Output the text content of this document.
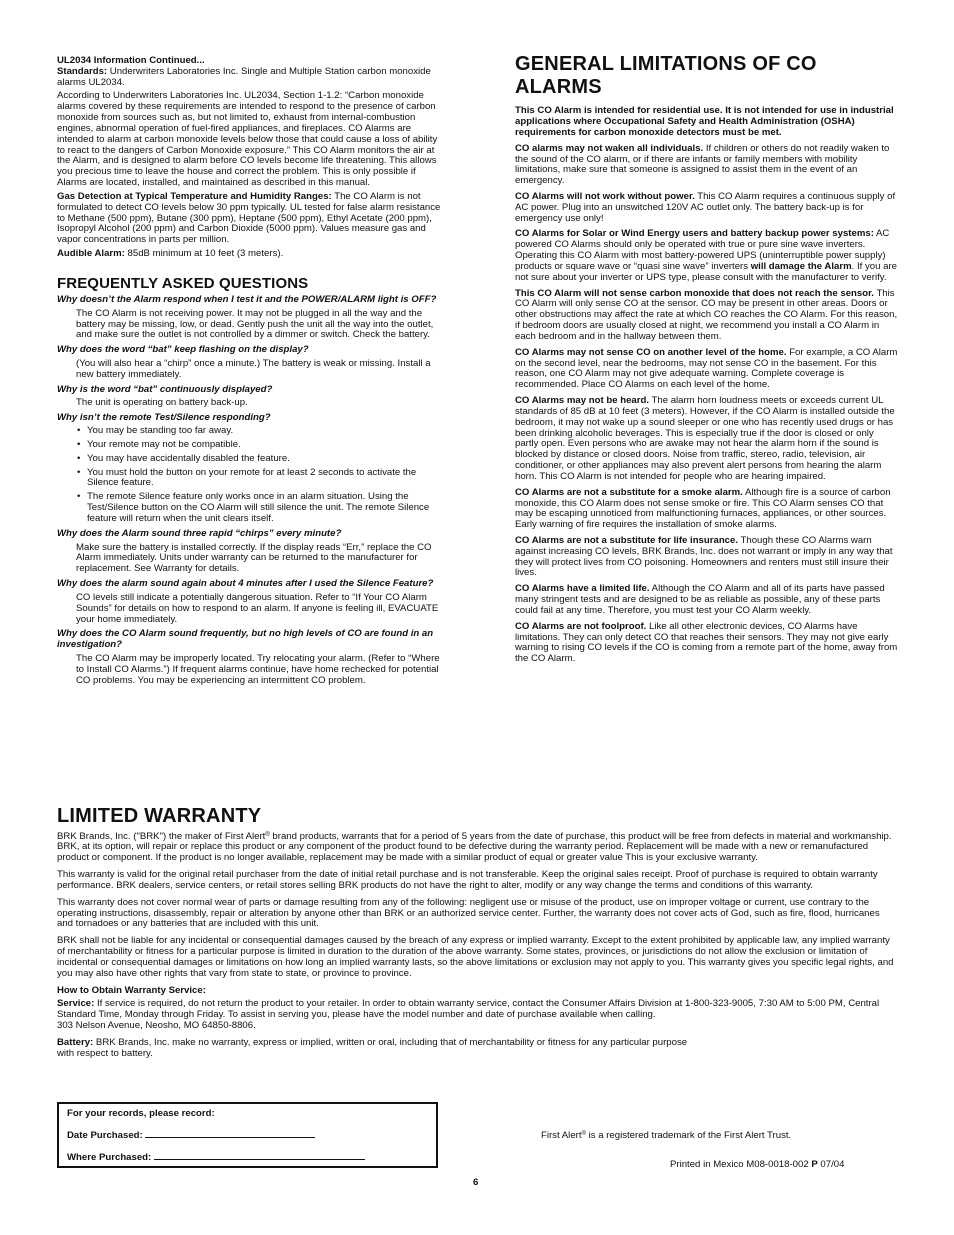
UL2034 Information Continued...

Standards: Underwriters Laboratories Inc. Single and Multiple Station carbon monoxide alarms UL2034.

According to Underwriters Laboratories Inc. UL2034, Section 1-1.2: “Carbon monoxide alarms covered by these requirements are intended to respond to the presence of carbon monoxide from sources such as, but not limited to, exhaust from internal-combustion engines, abnormal operation of fuel-fired appliances, and fireplaces. CO Alarms are intended to alarm at carbon monoxide levels below those that could cause a loss of ability to react to the dangers of Carbon Monoxide exposure.” This CO Alarm monitors the air at the Alarm, and is designed to alarm before CO levels become life threatening. This allows you precious time to leave the house and correct the problem. This is only possible if Alarms are located, installed, and maintained as described in this manual.

Gas Detection at Typical Temperature and Humidity Ranges: The CO Alarm is not formulated to detect CO levels below 30 ppm typically. UL tested for false alarm resistance to Methane (500 ppm), Butane (300 ppm), Heptane (500 ppm), Ethyl Acetate (200 ppm), Isopropyl Alcohol (200 ppm) and Carbon Dioxide (5000 ppm). Values measure gas and vapor concentrations in parts per million.

Audible Alarm: 85dB minimum at 10 feet (3 meters).

FREQUENTLY ASKED QUESTIONS

Why doesn’t the Alarm respond when I test it and the POWER/ALARM light is OFF?

The CO Alarm is not receiving power. It may not be plugged in all the way and the battery may be missing, low, or dead. Gently push the unit all the way into the outlet, and make sure the outlet is not controlled by a dimmer or switch. Check the battery.

Why does the word “bat” keep flashing on the display?

(You will also hear a “chirp” once a minute.) The battery is weak or missing. Install a new battery immediately.

Why is the word “bat” continuously displayed?

The unit is operating on battery back-up.

Why isn’t the remote Test/Silence responding?

• You may be standing too far away.
• Your remote may not be compatible.
• You may have accidentally disabled the feature.
• You must hold the button on your remote for at least 2 seconds to activate the Silence feature.
• The remote Silence feature only works once in an alarm situation. Using the Test/Silence button on the CO Alarm will still silence the unit. The remote Silence feature will return when the unit clears itself.

Why does the Alarm sound three rapid “chirps” every minute?

Make sure the battery is installed correctly. If the display reads “Err,” replace the CO Alarm immediately. Units under warranty can be returned to the manufacturer for replacement. See Warranty for details.

Why does the alarm sound again about 4 minutes after I used the Silence Feature?

CO levels still indicate a potentially dangerous situation. Refer to “If Your CO Alarm Sounds” for details on how to respond to an alarm. If anyone is feeling ill, EVACUATE your home immediately.

Why does the CO Alarm sound frequently, but no high levels of CO are found in an investigation?

The CO Alarm may be improperly located. Try relocating your alarm. (Refer to “Where to Install CO Alarms.”) If frequent alarms continue, have home rechecked for potential CO problems. You may be experiencing an intermittent CO problem.

GENERAL LIMITATIONS OF CO ALARMS

This CO Alarm is intended for residential use. It is not intended for use in industrial applications where Occupational Safety and Health Administration (OSHA) requirements for carbon monoxide detectors must be met.

CO alarms may not waken all individuals. If children or others do not readily waken to the sound of the CO alarm, or if there are infants or family members with mobility limitations, make sure that someone is assigned to assist them in the event of an emergency.

CO Alarms will not work without power. This CO Alarm requires a continuous supply of AC power. Plug into an unswitched 120V AC outlet only. The battery back-up is for emergency use only!

CO Alarms for Solar or Wind Energy users and battery backup power systems: AC powered CO Alarms should only be operated with true or pure sine wave inverters. Operating this CO Alarm with most battery-powered UPS (uninterruptible power supply) products or square wave or “quasi sine wave” inverters will damage the Alarm. If you are not sure about your inverter or UPS type, please consult with the manufacturer to verify.

This CO Alarm will not sense carbon monoxide that does not reach the sensor. This CO Alarm will only sense CO at the sensor. CO may be present in other areas. Doors or other obstructions may affect the rate at which CO reaches the CO Alarm. For this reason, if bedroom doors are usually closed at night, we recommend you install a CO Alarm in each bedroom and in the hallway between them.

CO Alarms may not sense CO on another level of the home. For example, a CO Alarm on the second level, near the bedrooms, may not sense CO in the basement. For this reason, one CO Alarm may not give adequate warning. Complete coverage is recommended. Place CO Alarms on each level of the home.

CO Alarms may not be heard. The alarm horn loudness meets or exceeds current UL standards of 85 dB at 10 feet (3 meters). However, if the CO Alarm is installed outside the bedroom, it may not wake up a sound sleeper or one who has recently used drugs or has been drinking alcoholic beverages. This is especially true if the door is closed or only partly open. Even persons who are awake may not hear the alarm horn if the sound is blocked by distance or closed doors. Noise from traffic, stereo, radio, television, air conditioner, or other appliances may also prevent alert persons from hearing the alarm horn. This CO Alarm is not intended for people who are hearing impaired.

CO Alarms are not a substitute for a smoke alarm. Although fire is a source of carbon monoxide, this CO Alarm does not sense smoke or fire. This CO Alarm senses CO that may be escaping unnoticed from malfunctioning furnaces, appliances, or other sources. Early warning of fire requires the installation of smoke alarms.

CO Alarms are not a substitute for life insurance. Though these CO Alarms warn against increasing CO levels, BRK Brands, Inc. does not warrant or imply in any way that they will protect lives from CO poisoning. Homeowners and renters must still insure their lives.

CO Alarms have a limited life. Although the CO Alarm and all of its parts have passed many stringent tests and are designed to be as reliable as possible, any of these parts could fail at any time. Therefore, you must test your CO Alarm weekly.

CO Alarms are not foolproof. Like all other electronic devices, CO Alarms have limitations. They can only detect CO that reaches their sensors. They may not give early warning to rising CO levels if the CO is coming from a remote part of the home, away from the CO Alarm.

LIMITED WARRANTY

BRK Brands, Inc. ("BRK") the maker of First Alert® brand products, warrants that for a period of 5 years from the date of purchase, this product will be free from defects in material and workmanship. BRK, at its option, will repair or replace this product or any component of the product found to be defective during the warranty period. Replacement will be made with a new or remanufactured product or component. If the product is no longer available, replacement may be made with a similar product of equal or greater value This is your exclusive warranty.

This warranty is valid for the original retail purchaser from the date of initial retail purchase and is not transferable. Keep the original sales receipt. Proof of purchase is required to obtain warranty performance. BRK dealers, service centers, or retail stores selling BRK products do not have the right to alter, modify or any way change the terms and conditions of this warranty.

This warranty does not cover normal wear of parts or damage resulting from any of the following: negligent use or misuse of the product, use on improper voltage or current, use contrary to the operating instructions, disassembly, repair or alteration by anyone other than BRK or an authorized service center. Further, the warranty does not cover acts of God, such as fire, flood, hurricanes and tornadoes or any batteries that are included with this unit.

BRK shall not be liable for any incidental or consequential damages caused by the breach of any express or implied warranty. Except to the extent prohibited by applicable law, any implied warranty of merchantability or fitness for a particular purpose is limited in duration to the duration of the above warranty. Some states, provinces, or jurisdictions do not allow the exclusion or limitation of incidental or consequential damages or limitations on how long an implied warranty lasts, so the above limitations or exclusion may not apply to you. This warranty gives you specific legal rights, and you may also have other rights that vary from state to state, or province to province.

How to Obtain Warranty Service:

Service: If service is required, do not return the product to your retailer. In order to obtain warranty service, contact the Consumer Affairs Division at 1-800-323-9005, 7:30 AM to 5:00 PM, Central Standard Time, Monday through Friday. To assist in serving you, please have the model number and date of purchase available when calling.
303 Nelson Avenue, Neosho, MO 64850-8806.

Battery: BRK Brands, Inc. make no warranty, express or implied, written or oral, including that of merchantability or fitness for any particular purpose
with respect to battery.

For your records, please record:

Date Purchased:

Where Purchased:

First Alert® is a registered trademark of the First Alert Trust.
Printed in Mexico M08-0018-002 P 07/04
6
